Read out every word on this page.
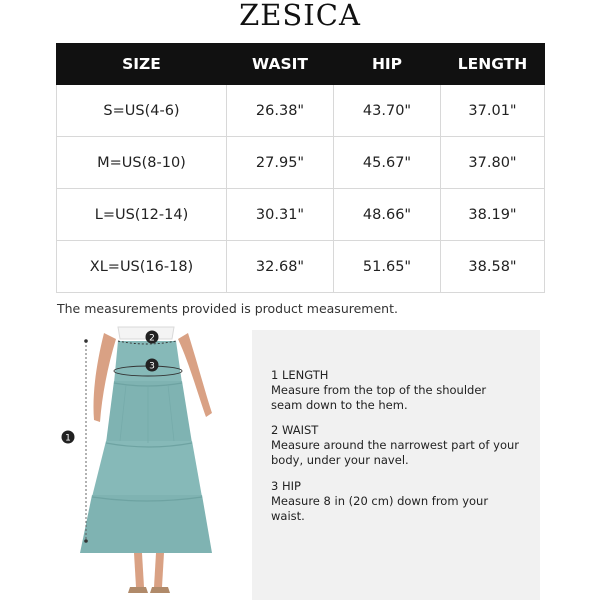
ZESICA
SIZE	WASIT	HIP	LENGTH
S=US(4-6)	26.38"	43.70"	37.01"
M=US(8-10)	27.95"	45.67"	37.80"
L=US(12-14)	30.31"	48.66"	38.19"
XL=US(16-18)	32.68"	51.65"	38.58"
The measurements provided is product measurement.
1
2
3
1 LENGTH
Measure from the top of the shoulder seam down to the hem.
2 WAIST
Measure around the narrowest part of your body, under your navel.
3 HIP
Measure 8 in (20 cm) down from your waist.
